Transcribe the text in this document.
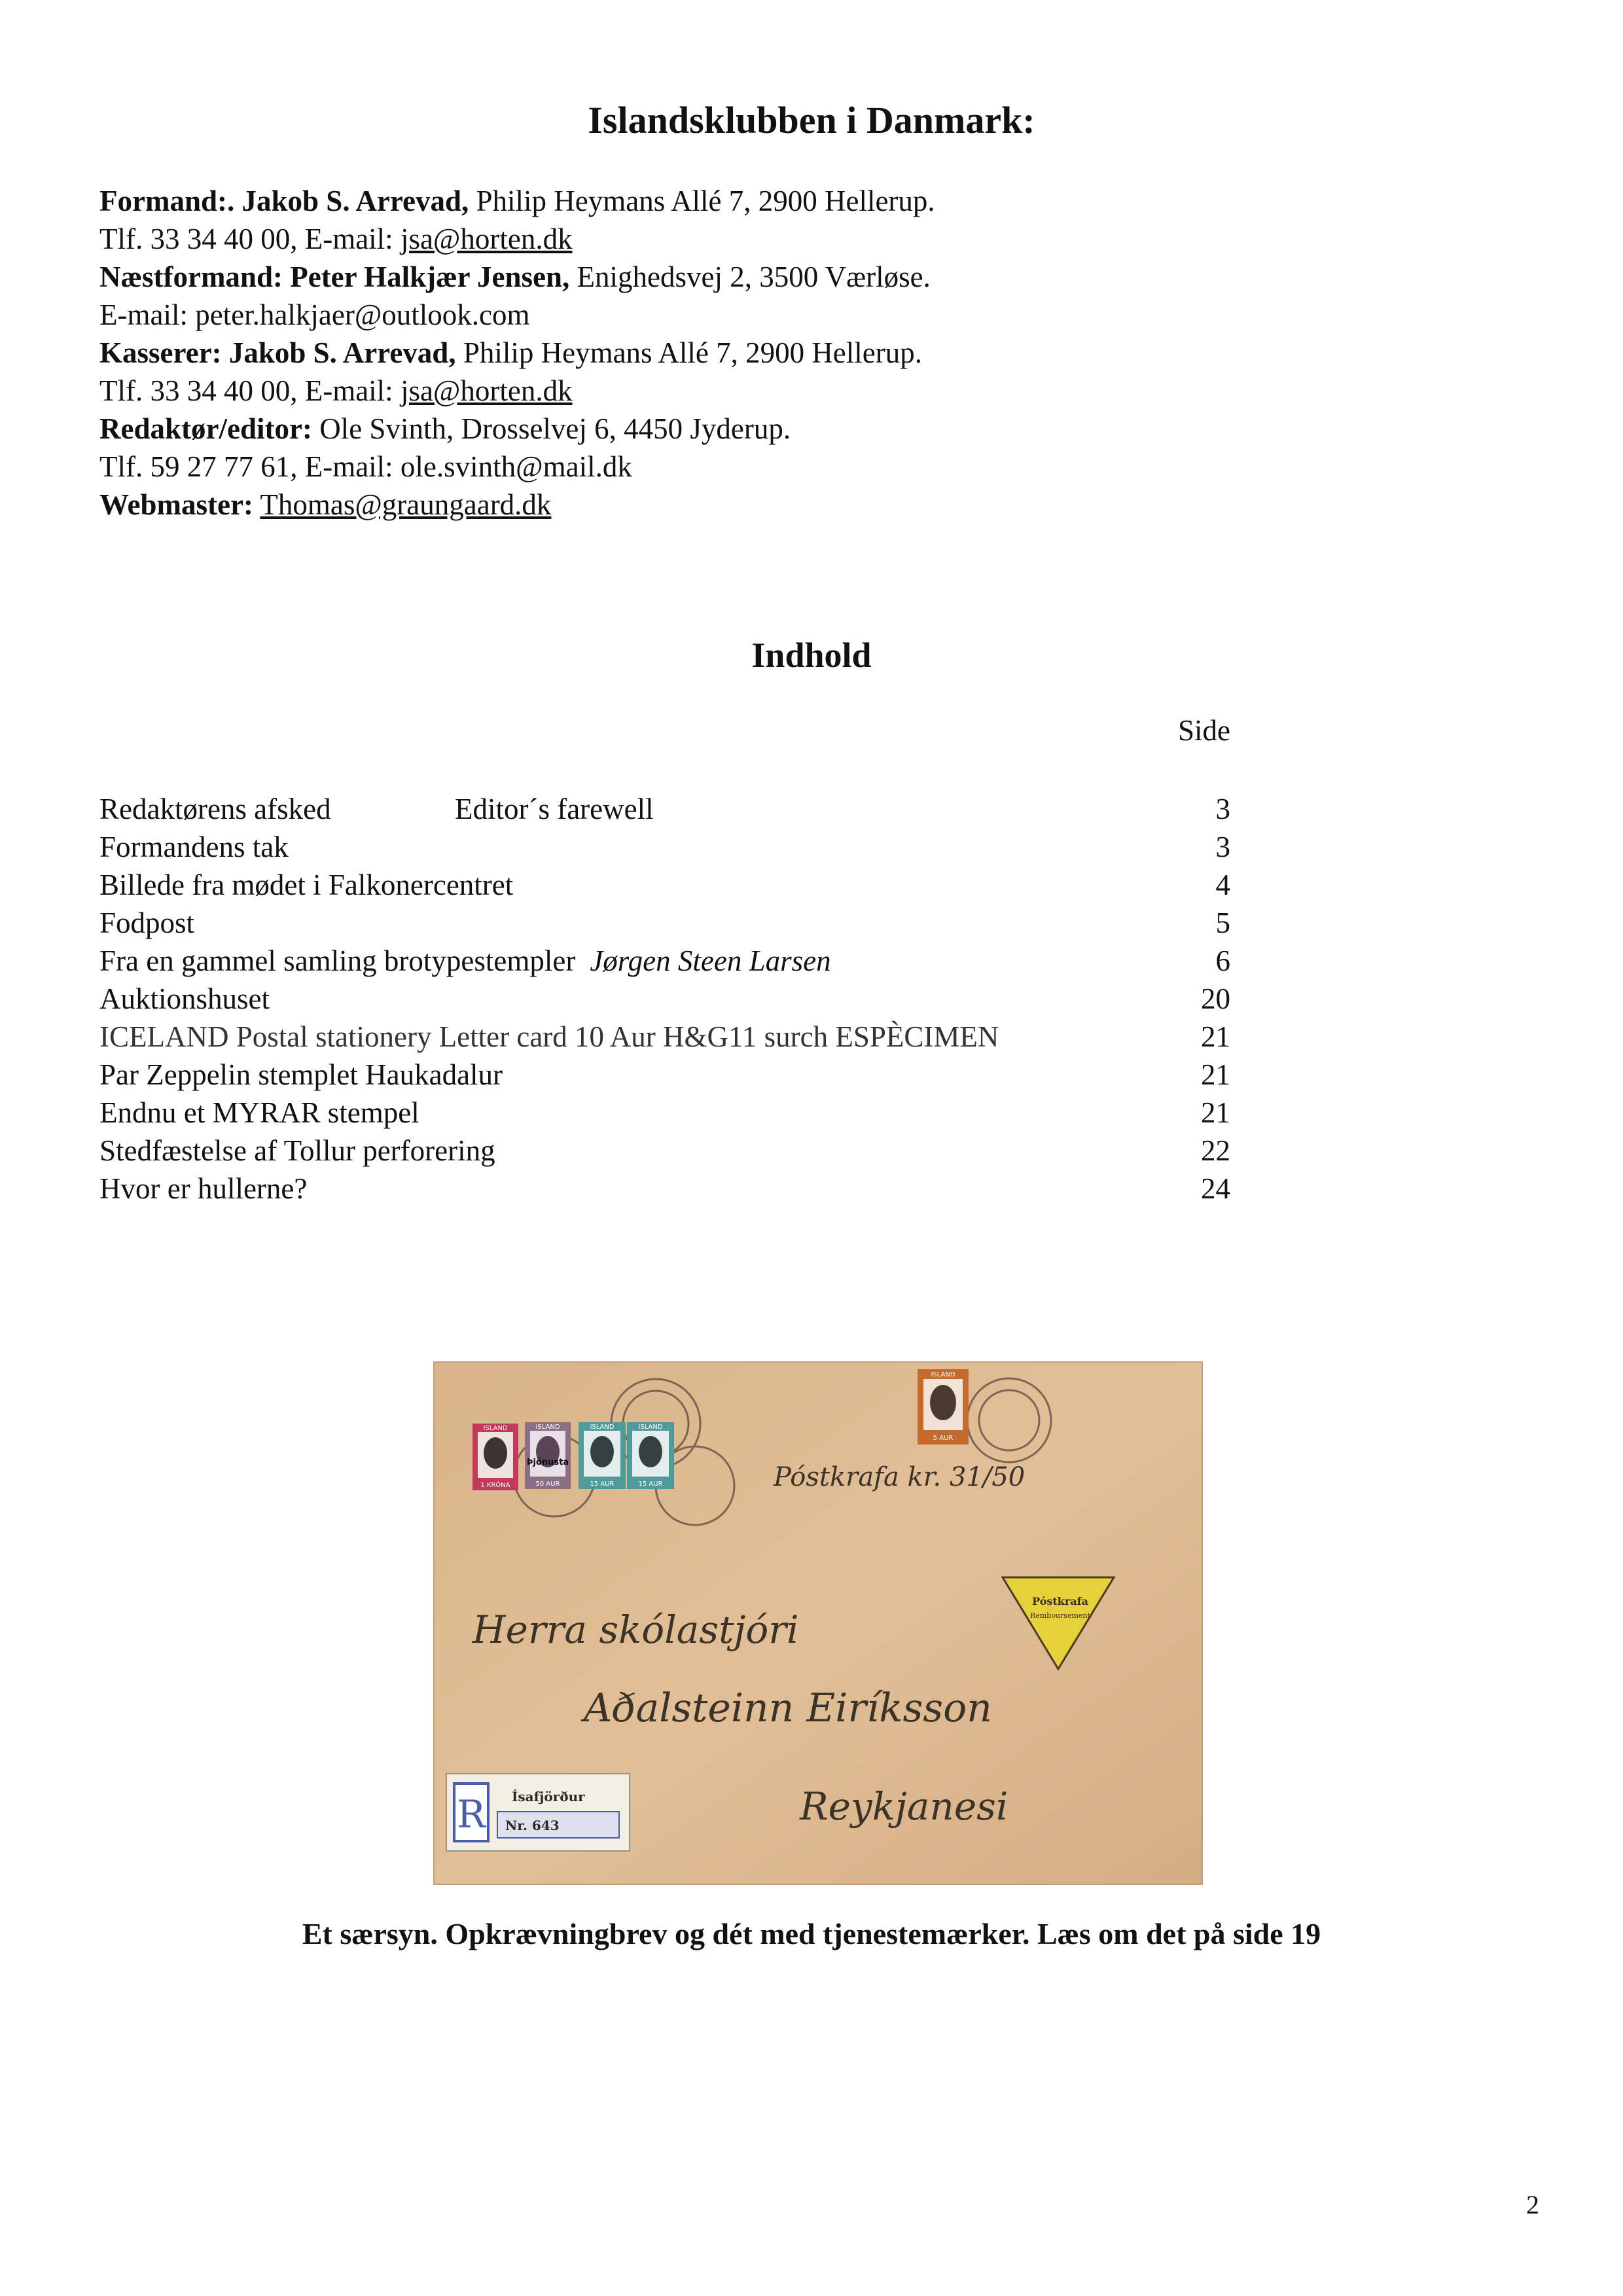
Islandsklubben i Danmark:
Formand:. Jakob S. Arrevad, Philip Heymans Allé 7, 2900 Hellerup.
Tlf. 33 34 40 00, E-mail: jsa@horten.dk
Næstformand: Peter Halkjær Jensen, Enighedsvej 2, 3500 Værløse.
E-mail: peter.halkjaer@outlook.com
Kasserer: Jakob S. Arrevad, Philip Heymans Allé 7, 2900 Hellerup.
Tlf. 33 34 40 00, E-mail: jsa@horten.dk
Redaktør/editor: Ole Svinth, Drosselvej 6, 4450 Jyderup.
Tlf. 59 27 77 61, E-mail: ole.svinth@mail.dk
Webmaster: Thomas@graungaard.dk
Indhold
Side
Redaktørens afsked	Editor´s farewell	3
Formandens tak	3
Billede fra mødet i Falkonercentret	4
Fodpost	5
Fra en gammel samling brotypestempler Jørgen Steen Larsen	6
Auktionshuset	20
ICELAND Postal stationery Letter card 10 Aur H&G11 surch ESPÈCIMEN	21
Par Zeppelin stemplet Haukadalur	21
Endnu et MYRAR stempel	21
Stedfæstelse af Tollur perforering	22
Hvor er hullerne?	24
ISLAND
1 KRÓNA
ISLAND
Þjónusta
50 AUR
ISLAND
15 AUR
ISLAND
15 AUR
ISLAND
5 AUR
Póstkrafa
Remboursement
R Ísafjörður
Nr. 643
Póstkrafa kr. 31/50
Herra skólastjóri
Aðalsteinn Eiríksson
Reykjanesi
Et særsyn. Opkrævningbrev og dét med tjenestemærker. Læs om det på side 19
2
